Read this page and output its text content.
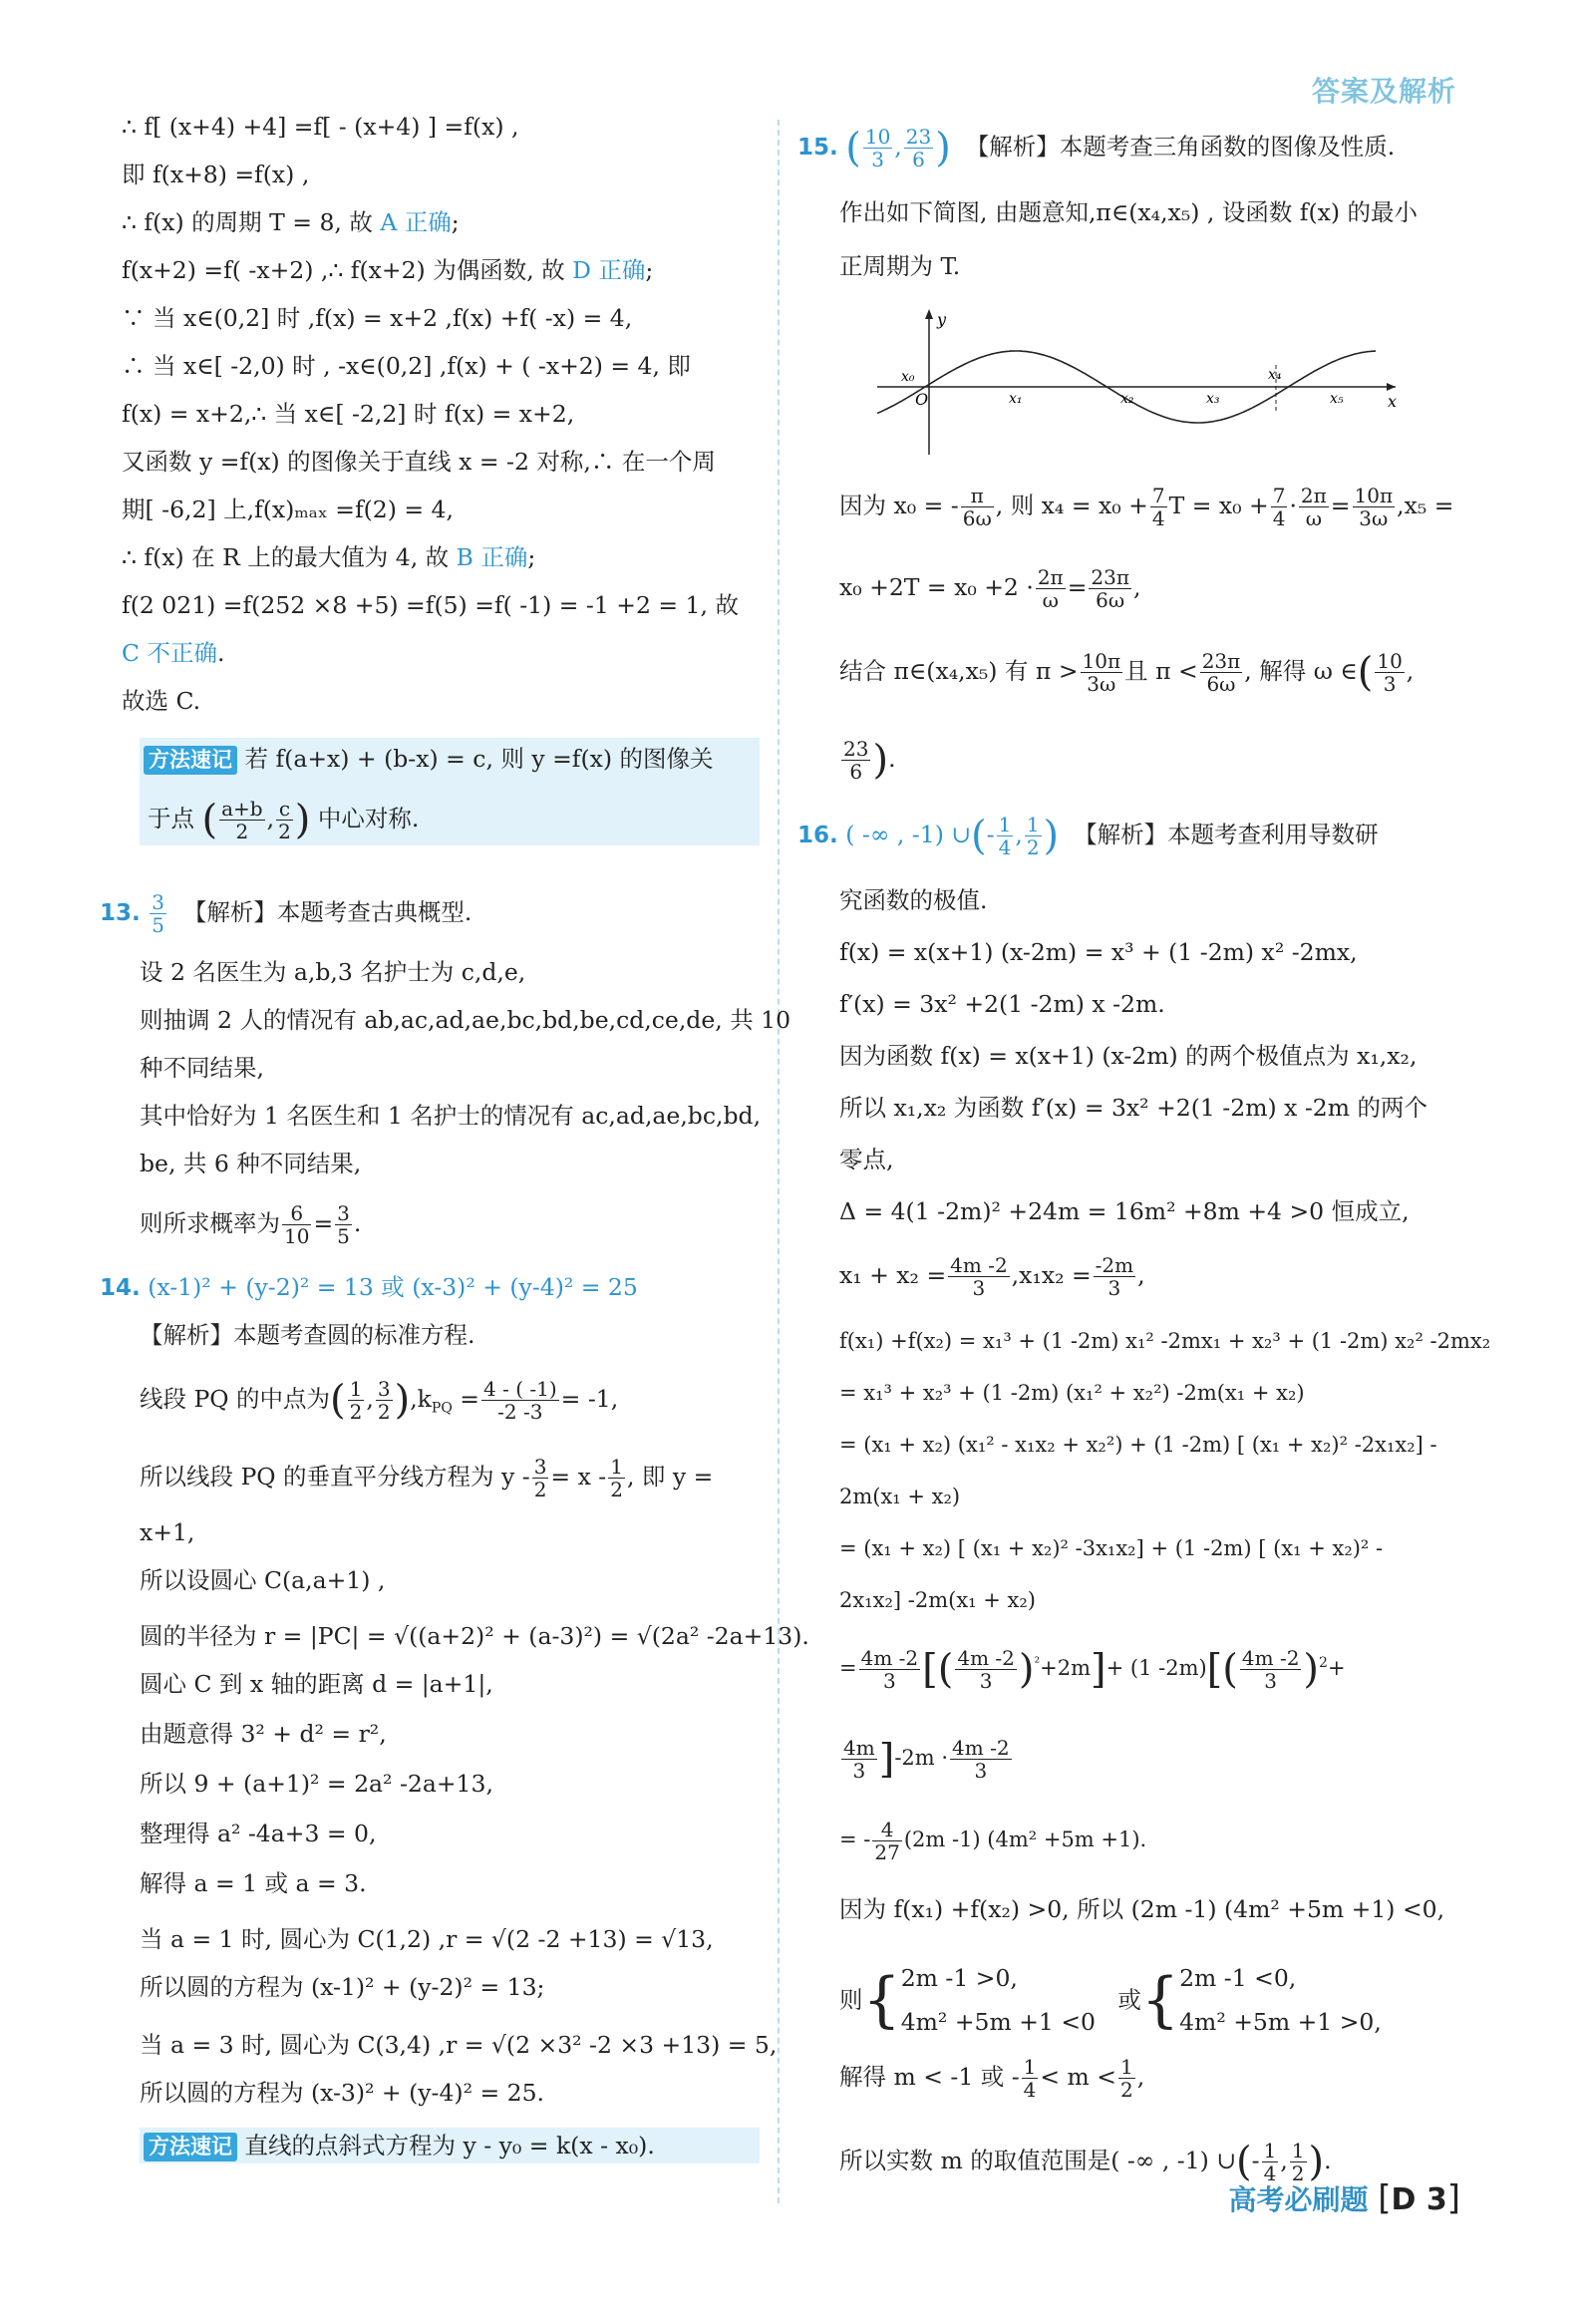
答案及解析
∴ f[ (x+4) +4] =f[ - (x+4) ] =f(x) ,
即 f(x+8) =f(x) ,
∴ f(x) 的周期 T = 8, 故 A 正确;
f(x+2) =f( -x+2) ,∴ f(x+2) 为偶函数, 故 D 正确;
∵ 当 x∈(0,2] 时 ,f(x) = x+2 ,f(x) +f( -x) = 4,
∴ 当 x∈[ -2,0) 时 , -x∈(0,2] ,f(x) + ( -x+2) = 4, 即
f(x) = x+2,∴ 当 x∈[ -2,2] 时 f(x) = x+2,
又函数 y =f(x) 的图像关于直线 x = -2 对称,∴ 在一个周
期[ -6,2] 上,f(x)ₘₐₓ =f(2) = 4,
∴ f(x) 在 R 上的最大值为 4, 故 B 正确;
f(2 021) =f(252 ×8 +5) =f(5) =f( -1) = -1 +2 = 1, 故
C 不正确.
故选 C.
方法速记 若 f(a+x) + (b-x) = c, 则 y =f(x) 的图像关
于点 ( $\frac{a+b}{2}$ , $\frac{c}{2}$ ) 中心对称.
13. $\frac{3}{5}$ 【解析】本题考查古典概型.
设 2 名医生为 a,b,3 名护士为 c,d,e,
则抽调 2 人的情况有 ab,ac,ad,ae,bc,bd,be,cd,ce,de, 共 10
种不同结果,
其中恰好为 1 名医生和 1 名护士的情况有 ac,ad,ae,bc,bd,
be, 共 6 种不同结果,
则所求概率为 $\frac{6}{10} = \frac{3}{5}$ .
14. (x-1)² + (y-2)² = 13 或 (x-3)² + (y-4)² = 25
【解析】本题考查圆的标准方程.
线段 PQ 的中点为( $\frac{1}{2}$ , $\frac{3}{2} ),k_{PQ} = \frac{4 - ( -1)}{-2 -3} = -1$,
所以线段 PQ 的垂直平分线方程为 $y - \frac{3}{2} = x - \frac{1}{2}$ , 即 y =
x+1,
所以设圆心 C(a,a+1) ,
圆的半径为 r = |PC| = √((a+2)² + (a-3)²) = √(2a² -2a+13).
圆心 C 到 x 轴的距离 d = |a+1|,
由题意得 3² + d² = r²,
所以 9 + (a+1)² = 2a² -2a+13,
整理得 a² -4a+3 = 0,
解得 a = 1 或 a = 3.
当 a = 1 时, 圆心为 C(1,2) ,r = √(2 -2 +13) = √13,
所以圆的方程为 (x-1)² + (y-2)² = 13;
当 a = 3 时, 圆心为 C(3,4) ,r = √(2 ×3² -2 ×3 +13) = 5,
所以圆的方程为 (x-3)² + (y-4)² = 25.
方法速记 直线的点斜式方程为 y - y₀ = k(x - x₀).
15. ( $\frac{10}{3}$ , $\frac{23}{6}$ ) 【解析】本题考查三角函数的图像及性质.
作出如下简图, 由题意知,π∈(x₄,x₅) , 设函数 f(x) 的最小
正周期为 T.
y
x
O
x₀
x₁	x₂	x₃
x₄
x₅
因为 x₀ = - $\frac{\pi}{6\omega}$ , 则 $x_4 = x_0 + \frac{7}{4}$ $T = x_0 + \frac{7}{4} \cdot \frac{2\pi}{\omega} = \frac{10\pi}{3\omega} ,x_5$ =
$x_0 +2T = x_0 +2 \cdot \frac{2\pi}{\omega} = \frac{23\pi}{6\omega}$ ,
结合 π∈(x₄,x₅) 有 $\pi > \frac{10\pi}{3\omega}$ 且 $\pi < \frac{23\pi}{6\omega}$ , 解得 ω ∈( $\frac{10}{3}$ ,
$\frac{23}{6}$ ).
16. ( -∞ , -1) ∪(- $\frac{1}{4}$ , $\frac{1}{2}$ ) 【解析】本题考查利用导数研
究函数的极值.
f(x) = x(x+1) (x-2m) = x³ + (1 -2m) x² -2mx,
f′(x) = 3x² +2(1 -2m) x -2m.
因为函数 f(x) = x(x+1) (x-2m) 的两个极值点为 x₁,x₂,
所以 x₁,x₂ 为函数 f′(x) = 3x² +2(1 -2m) x -2m 的两个
零点,
Δ = 4(1 -2m)² +24m = 16m² +8m +4 >0 恒成立,
$x_1 + x_2 = \frac{4m -2}{3} ,x_1x_2 = \frac{-2m}{3}$ ,
f(x₁) +f(x₂) = x₁³ + (1 -2m) x₁² -2mx₁ + x₂³ + (1 -2m) x₂² -2mx₂
= x₁³ + x₂³ + (1 -2m) (x₁² + x₂²) -2m(x₁ + x₂)
= (x₁ + x₂) (x₁² - x₁x₂ + x₂²) + (1 -2m) [ (x₁ + x₂)² -2x₁x₂] -
2m(x₁ + x₂)
= (x₁ + x₂) [ (x₁ + x₂)² -3x₁x₂] + (1 -2m) [ (x₁ + x₂)² -
2x₁x₂] -2m(x₁ + x₂)
= $\frac{4m -2}{3}$ [( $\frac{4m -2}{3} )^{^2}+2m]+ (1$ $-2m)[( \frac{4m -2}{3} )^2+$
$\frac{4m}{3} ]-2m \cdot \frac{4m -2}{3}$
= - $\frac{4}{27} (2m$ -1) (4m² +5m +1).
因为 f(x₁) +f(x₂) >0, 所以 (2m -1) (4m² +5m +1) <0,
则{ 2m -1 >0,
4m² +5m +1 <0
或{ 2m -1 <0,
4m² +5m +1 >0,
解得 m < -1 或 - $\frac{1}{4} < m < \frac{1}{2}$ ,
所以实数 m 的取值范围是( -∞ , -1) ∪(- $\frac{1}{4}$ , $\frac{1}{2}$ ).
高考必刷题 [D 3]
